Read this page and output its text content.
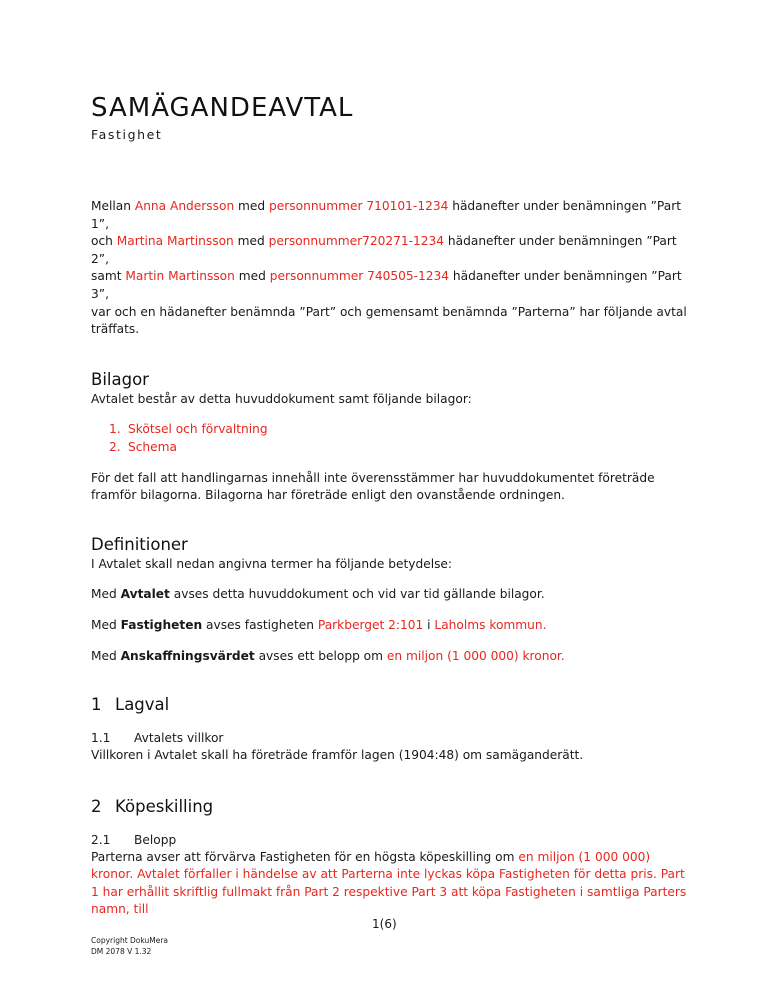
SAMÄGANDEAVTAL
Fastighet

Mellan Anna Andersson med personnummer 710101-1234 hädanefter under benämningen ”Part 1”,
och Martina Martinsson med personnummer720271-1234 hädanefter under benämningen ”Part 2”,
samt Martin Martinsson med personnummer 740505-1234 hädanefter under benämningen ”Part 3”,
var och en hädanefter benämnda ”Part” och gemensamt benämnda ”Parterna” har följande avtal träffats.

Bilagor

Avtalet består av detta huvuddokument samt följande bilagor:

1. Skötsel och förvaltning
2. Schema

För det fall att handlingarnas innehåll inte överensstämmer har huvuddokumentet företräde framför bilagorna. Bilagorna har företräde enligt den ovanstående ordningen.

Definitioner

I Avtalet skall nedan angivna termer ha följande betydelse:

Med Avtalet avses detta huvuddokument och vid var tid gällande bilagor.

Med Fastigheten avses fastigheten Parkberget 2:101 i Laholms kommun.

Med Anskaffningsvärdet avses ett belopp om en miljon (1 000 000) kronor.

1 Lagval
1.1 Avtalets villkor

Villkoren i Avtalet skall ha företräde framför lagen (1904:48) om samäganderätt.

2 Köpeskilling
2.1 Belopp

Parterna avser att förvärva Fastigheten för en högsta köpeskilling om en miljon (1 000 000) kronor. Avtalet förfaller i händelse av att Parterna inte lyckas köpa Fastigheten för detta pris. Part 1 har erhållit skriftlig fullmakt från Part 2 respektive Part 3 att köpa Fastigheten i samtliga Parters namn, till

1(6)
Copyright DokuMera
DM 2078 V 1.32
